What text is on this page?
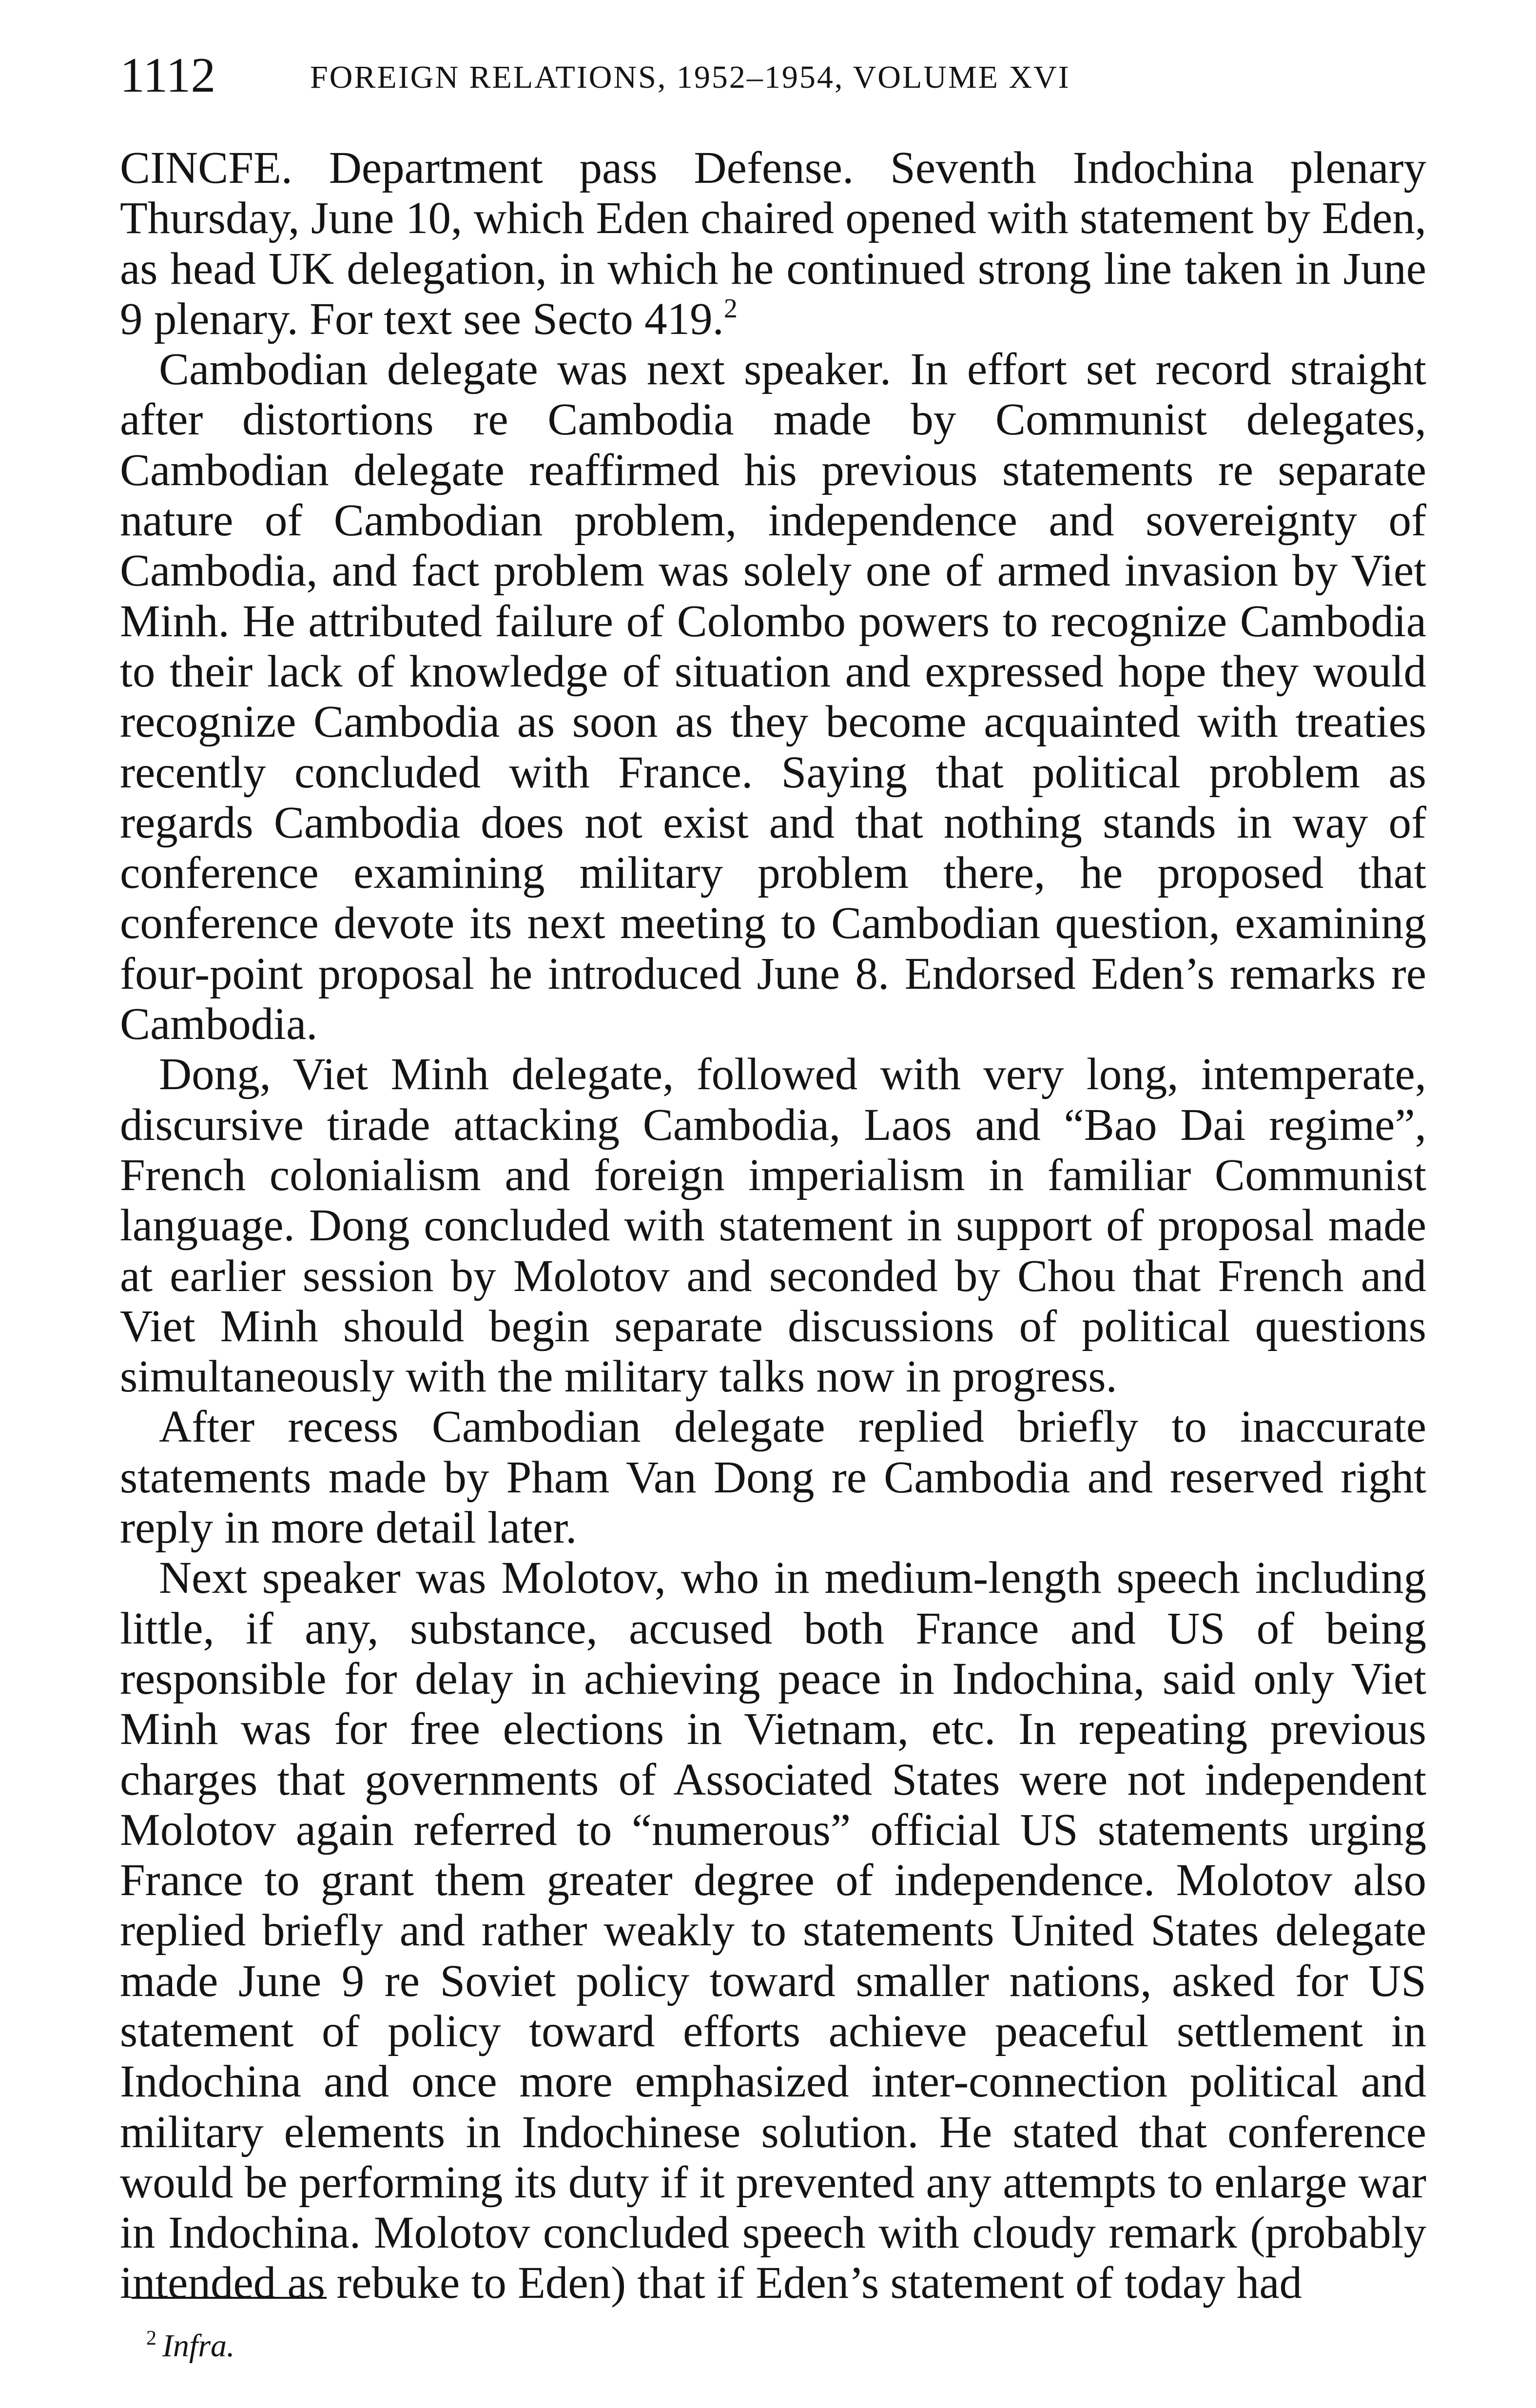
1112	FOREIGN RELATIONS, 1952–1954, VOLUME XVI

CINCFE. Department pass Defense. Seventh Indochina plenary Thursday, June 10, which Eden chaired opened with statement by Eden, as head UK delegation, in which he continued strong line taken in June 9 plenary. For text see Secto 419.$^2$

Cambodian delegate was next speaker. In effort set record straight after distortions re Cambodia made by Communist delegates, Cambodian delegate reaffirmed his previous statements re separate nature of Cambodian problem, independence and sovereignty of Cambodia, and fact problem was solely one of armed invasion by Viet Minh. He attributed failure of Colombo powers to recognize Cambodia to their lack of knowledge of situation and expressed hope they would recognize Cambodia as soon as they become acquainted with treaties recently concluded with France. Saying that political problem as regards Cambodia does not exist and that nothing stands in way of conference examining military problem there, he proposed that conference devote its next meeting to Cambodian question, examining four-point proposal he introduced June 8. Endorsed Eden’s remarks re Cambodia.

Dong, Viet Minh delegate, followed with very long, intemperate, discursive tirade attacking Cambodia, Laos and “Bao Dai regime”, French colonialism and foreign imperialism in familiar Communist language. Dong concluded with statement in support of proposal made at earlier session by Molotov and seconded by Chou that French and Viet Minh should begin separate discussions of political questions simultaneously with the military talks now in progress.

After recess Cambodian delegate replied briefly to inaccurate statements made by Pham Van Dong re Cambodia and reserved right reply in more detail later.

Next speaker was Molotov, who in medium-length speech including little, if any, substance, accused both France and US of being responsible for delay in achieving peace in Indochina, said only Viet Minh was for free elections in Vietnam, etc. In repeating previous charges that governments of Associated States were not independent Molotov again referred to “numerous” official US statements urging France to grant them greater degree of independence. Molotov also replied briefly and rather weakly to statements United States delegate made June 9 re Soviet policy toward smaller nations, asked for US statement of policy toward efforts achieve peaceful settlement in Indochina and once more emphasized inter-connection political and military elements in Indochinese solution. He stated that conference would be performing its duty if it prevented any attempts to enlarge war in Indochina. Molotov concluded speech with cloudy remark (probably intended as rebuke to Eden) that if Eden’s statement of today had

$^2$ Infra.
